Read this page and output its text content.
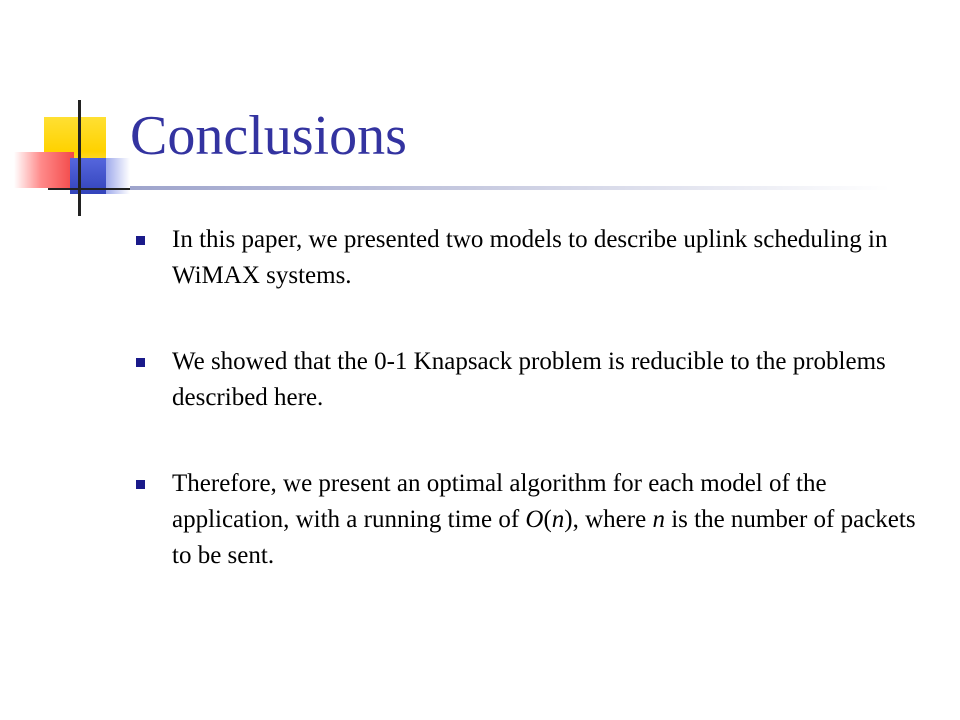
Conclusions
In this paper, we presented two models to describe uplink scheduling in WiMAX systems.
We showed that the 0-1 Knapsack problem is reducible to the problems described here.
Therefore, we present an optimal algorithm for each model of the application, with a running time of O(n), where n is the number of packets to be sent.
